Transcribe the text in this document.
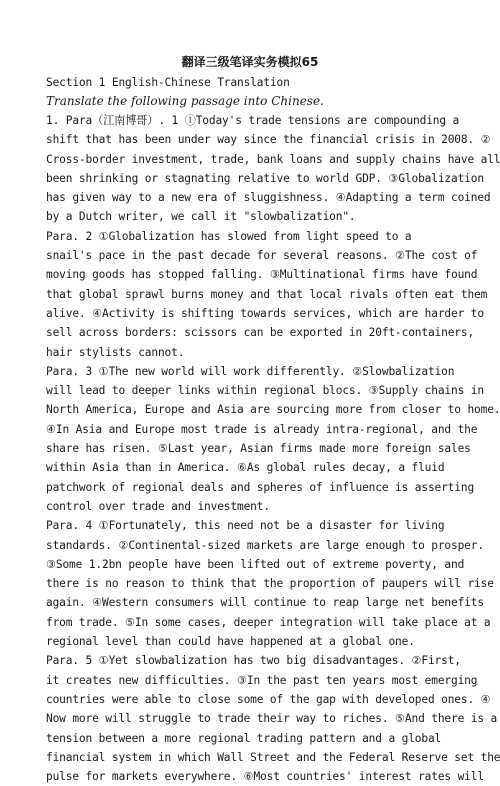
翻译三级笔译实务模拟65
Section 1 English-Chinese Translation
Translate the following passage into Chinese.
1. Para（江南博哥）. 1 ①Today's trade tensions are compounding a
shift that has been under way since the financial crisis in 2008. ②
Cross-border investment, trade, bank loans and supply chains have all
been shrinking or stagnating relative to world GDP. ③Globalization
has given way to a new era of sluggishness. ④Adapting a term coined
by a Dutch writer, we call it "slowbalization".
Para. 2 ①Globalization has slowed from light speed to a
snail's pace in the past decade for several reasons. ②The cost of
moving goods has stopped falling. ③Multinational firms have found
that global sprawl burns money and that local rivals often eat them
alive. ④Activity is shifting towards services, which are harder to
sell across borders: scissors can be exported in 20ft-containers,
hair stylists cannot.
Para. 3 ①The new world will work differently. ②Slowbalization
will lead to deeper links within regional blocs. ③Supply chains in
North America, Europe and Asia are sourcing more from closer to home.
④In Asia and Europe most trade is already intra-regional, and the
share has risen. ⑤Last year, Asian firms made more foreign sales
within Asia than in America. ⑥As global rules decay, a fluid
patchwork of regional deals and spheres of influence is asserting
control over trade and investment.
Para. 4 ①Fortunately, this need not be a disaster for living
standards. ②Continental-sized markets are large enough to prosper.
③Some 1.2bn people have been lifted out of extreme poverty, and
there is no reason to think that the proportion of paupers will rise
again. ④Western consumers will continue to reap large net benefits
from trade. ⑤In some cases, deeper integration will take place at a
regional level than could have happened at a global one.
Para. 5 ①Yet slowbalization has two big disadvantages. ②First,
it creates new difficulties. ③In the past ten years most emerging
countries were able to close some of the gap with developed ones. ④
Now more will struggle to trade their way to riches. ⑤And there is a
tension between a more regional trading pattern and a global
financial system in which Wall Street and the Federal Reserve set the
pulse for markets everywhere. ⑥Most countries' interest rates will
